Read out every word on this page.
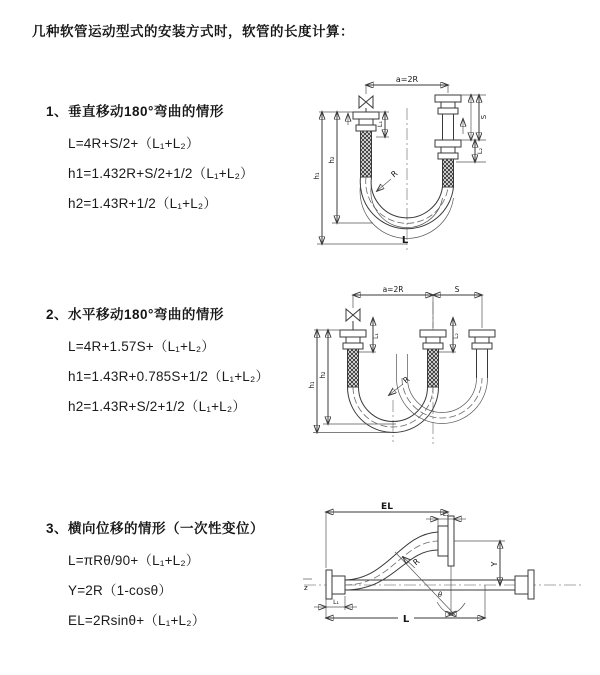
几种软管运动型式的安装方式时，软管的长度计算：
1、垂直移动180°弯曲的情形
L=4R+S/2+（L₁+L₂）
h1=1.432R+S/2+1/2（L₁+L₂）
h2=1.43R+1/2（L₁+L₂）
2、水平移动180°弯曲的情形
L=4R+1.57S+（L₁+L₂）
h1=1.43R+0.785S+1/2（L₁+L₂）
h2=1.43R+S/2+1/2（L₁+L₂）
3、横向位移的情形（一次性变位）
L=πRθ/90+（L₁+L₂）
Y=2R（1-cosθ）
EL=2Rsinθ+（L₁+L₂）
a=2R
h₂
h₁
L₁
S
L₂
R
L
a=2R	S
h₂
h₁
L₁	L₂
R
z
EL
L₂
Y
θ
R
L₁
L
